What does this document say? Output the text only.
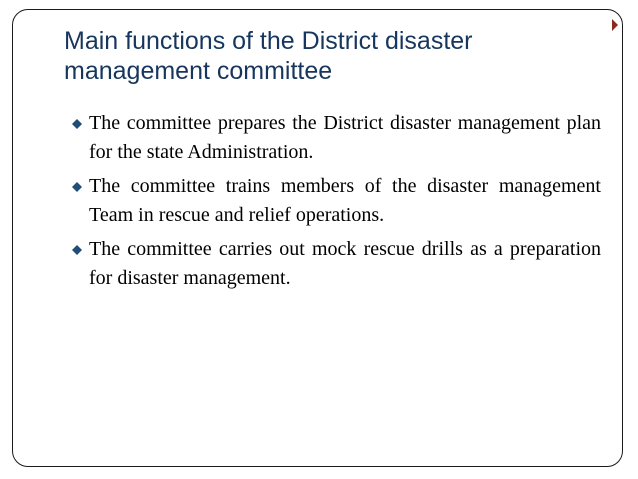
Main functions of the District disaster management committee
The committee prepares the District disaster management plan for the state Administration.
The committee trains members of the disaster management Team in rescue and relief operations.
The committee carries out mock rescue drills as a preparation for disaster management.
